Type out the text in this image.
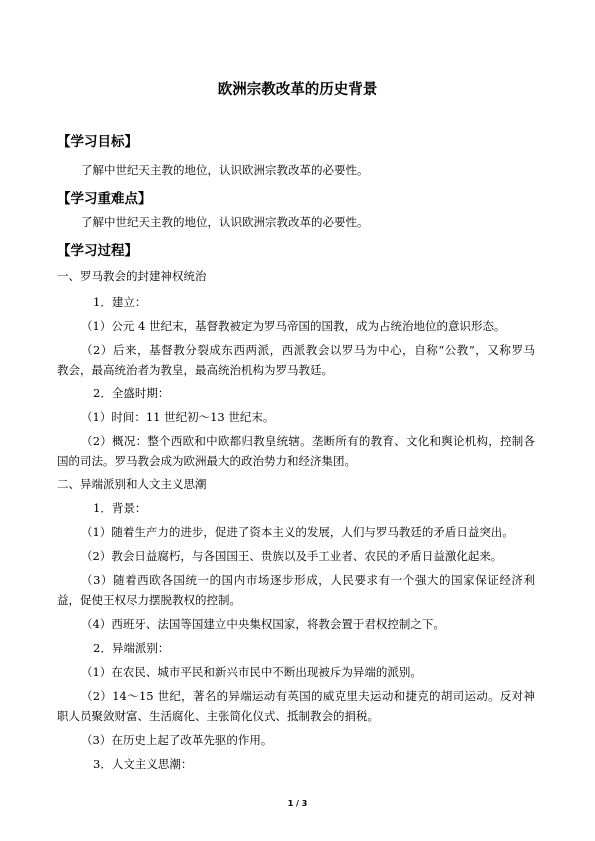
欧洲宗教改革的历史背景
【学习目标】
了解中世纪天主教的地位，认识欧洲宗教改革的必要性。
【学习重难点】
了解中世纪天主教的地位，认识欧洲宗教改革的必要性。
【学习过程】
一、罗马教会的封建神权统治
1．建立：
（1）公元 4 世纪末，基督教被定为罗马帝国的国教，成为占统治地位的意识形态。
（2）后来，基督教分裂成东西两派，西派教会以罗马为中心，自称“公教”，又称罗马
教会，最高统治者为教皇，最高统治机构为罗马教廷。
2．全盛时期：
（1）时间：11 世纪初～13 世纪末。
（2）概况：整个西欧和中欧都归教皇统辖。垄断所有的教育、文化和舆论机构，控制各
国的司法。罗马教会成为欧洲最大的政治势力和经济集团。
二、异端派别和人文主义思潮
1．背景：
（1）随着生产力的进步，促进了资本主义的发展，人们与罗马教廷的矛盾日益突出。
（2）教会日益腐朽，与各国国王、贵族以及手工业者、农民的矛盾日益激化起来。
（3）随着西欧各国统一的国内市场逐步形成，人民要求有一个强大的国家保证经济利
益，促使王权尽力摆脱教权的控制。
（4）西班牙、法国等国建立中央集权国家，将教会置于君权控制之下。
2．异端派别：
（1）在农民、城市平民和新兴市民中不断出现被斥为异端的派别。
（2）14～15 世纪，著名的异端运动有英国的威克里夫运动和捷克的胡司运动。反对神
职人员聚敛财富、生活腐化、主张简化仪式、抵制教会的捐税。
（3）在历史上起了改革先驱的作用。
3．人文主义思潮：
1 / 3
